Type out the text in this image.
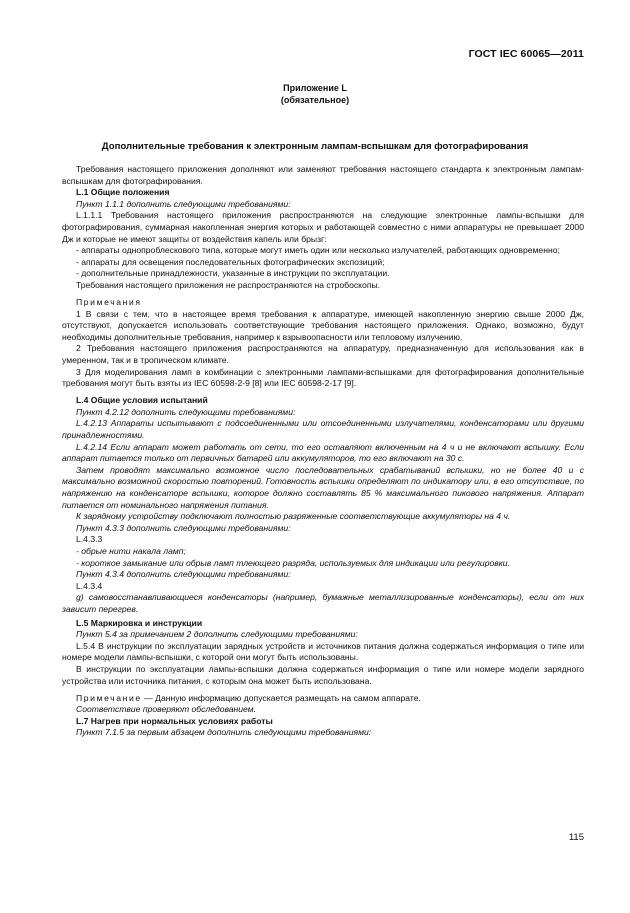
ГОСТ IEC 60065—2011
Приложение L
(обязательное)
Дополнительные требования к электронным лампам-вспышкам для фотографирования

Требования настоящего приложения дополняют или заменяют требования настоящего стандарта к электронным лампам-вспышкам для фотографирования.

L.1 Общие положения

Пункт 1.1.1 дополнить следующими требованиями:

L.1.1.1 Требования настоящего приложения распространяются на следующие электронные лампы-вспышки для фотографирования, суммарная накопленная энергия которых и работающей совместно с ними аппаратуры не превышает 2000 Дж и которые не имеют защиты от воздействия капель или брызг:

- аппараты однопроблескового типа, которые могут иметь один или несколько излучателей, работающих одновременно;

- аппараты для освещения последовательных фотографических экспозиций;

- дополнительные принадлежности, указанные в инструкции по эксплуатации.

Требования настоящего приложения не распространяются на стробоскопы.

Примечания

1 В связи с тем, что в настоящее время требования к аппаратуре, имеющей накопленную энергию свыше 2000 Дж, отсутствуют, допускается использовать соответствующие требования настоящего приложения. Однако, возможно, будут необходимы дополнительные требования, например к взрывоопасности или тепловому излучению.

2 Требования настоящего приложения распространяются на аппаратуру, предназначенную для использования как в умеренном, так и в тропическом климате.

3 Для моделирования ламп в комбинации с электронными лампами-вспышками для фотографирования дополнительные требования могут быть взяты из IEC 60598-2-9 [8] или IEC 60598-2-17 [9].

L.4 Общие условия испытаний

Пункт 4.2.12 дополнить следующими требованиями:

L.4.2.13 Аппараты испытывают с подсоединенными или отсоединенными излучателями, конденсаторами или другими принадлежностями.

L.4.2.14 Если аппарат может работать от сети, то его оставляют включенным на 4 ч и не включают вспышку. Если аппарат питается только от первичных батарей или аккумуляторов, то его включают на 30 с.

Затем проводят максимально возможное число последовательных срабатываний вспышки, но не более 40 и с максимально возможной скоростью повторений. Готовность вспышки определяют по индикатору или, в его отсутствие, по напряжению на конденсаторе вспышки, которое должно составлять 85 % максимального пикового напряжения. Аппарат питается от номинального напряжения питания.

К зарядному устройству подключают полностью разряженные соответствующие аккумуляторы на 4 ч.

Пункт 4.3.3 дополнить следующими требованиями:

L.4.3.3

- обрые нити накала ламп;

- короткое замыкание или обрыв ламп тлеющего разряда, используемых для индикации или регулировки.

Пункт 4.3.4 дополнить следующими требованиями:

L.4.3.4

g) самовосстанавливающиеся конденсаторы (например, бумажные металлизированные конденсаторы), если от них зависит перегрев.

L.5 Маркировка и инструкции

Пункт 5.4 за примечанием 2 дополнить следующими требованиями:

L.5.4 В инструкции по эксплуатации зарядных устройств и источников питания должна содержаться информация о типе или номере модели лампы-вспышки, с которой они могут быть использованы.

В инструкции по эксплуатации лампы-вспышки должна содержаться информация о типе или номере модели зарядного устройства или источника питания, с которым она может быть использована.

Примечание — Данную информацию допускается размещать на самом аппарате.

Соответствие проверяют обследованием.

L.7 Нагрев при нормальных условиях работы

Пункт 7.1.5 за первым абзацем дополнить следующими требованиями:

115
